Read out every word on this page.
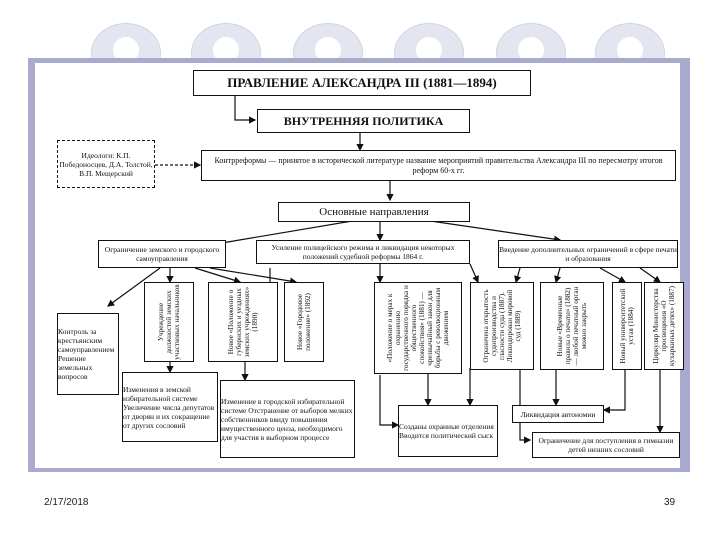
ПРАВЛЕНИЕ АЛЕКСАНДРА III (1881—1894)
ВНУТРЕННЯЯ ПОЛИТИКА
Идеологи: К.П. Победоносцев, Д.А. Толстой, В.П. Мещерский
Контрреформы — принятое в исторической литературе название мероприятий правительства Александра III по пересмотру итогов реформ 60-х гг.
Основные направления
Ограничение земского и городского самоуправления
Усиление полицейского режима и ликвидация некоторых положений судебной реформы 1864 г.
Введение дополнительных ограничений в сфере печати и образования
Контроль за крестьянским самоуправлением Решение земельных вопросов
Учреждение должностей земских участковых начальников	Новое «Положение о губернских и уездных земских учреждениях» (1890)	Новое «Городовое положение» (1892)
Изменения в земской избирательной системе Увеличение числа депутатов от дворян и их сокращение от других сословий
Изменение в городской избирательной системе Отстранение от выборов мелких собственников ввиду повышения имущественного ценза, необходимого для участия в выборном процессе
«Положение о мерах к охранению государственного порядка и общественного спокойствия» (1881) — чрезвычайный закон для борьбы с революционным движением	Ограничена открытость судопроизводства и гласности суда (1887). Ликвидирован мировой суд (1889)	Новые «Временные правила о печати» (1882) — любой печатный орган можно закрыть	Новый университетский устав (1884) Циркуляр Министерства просвещения «О кухаркиных детях» (1887)
Созданы охранные отделения Вводится политический сыск
Ликвидация автономии
Ограничение для поступления в гимназии детей низших сословий
2/17/2018	39
